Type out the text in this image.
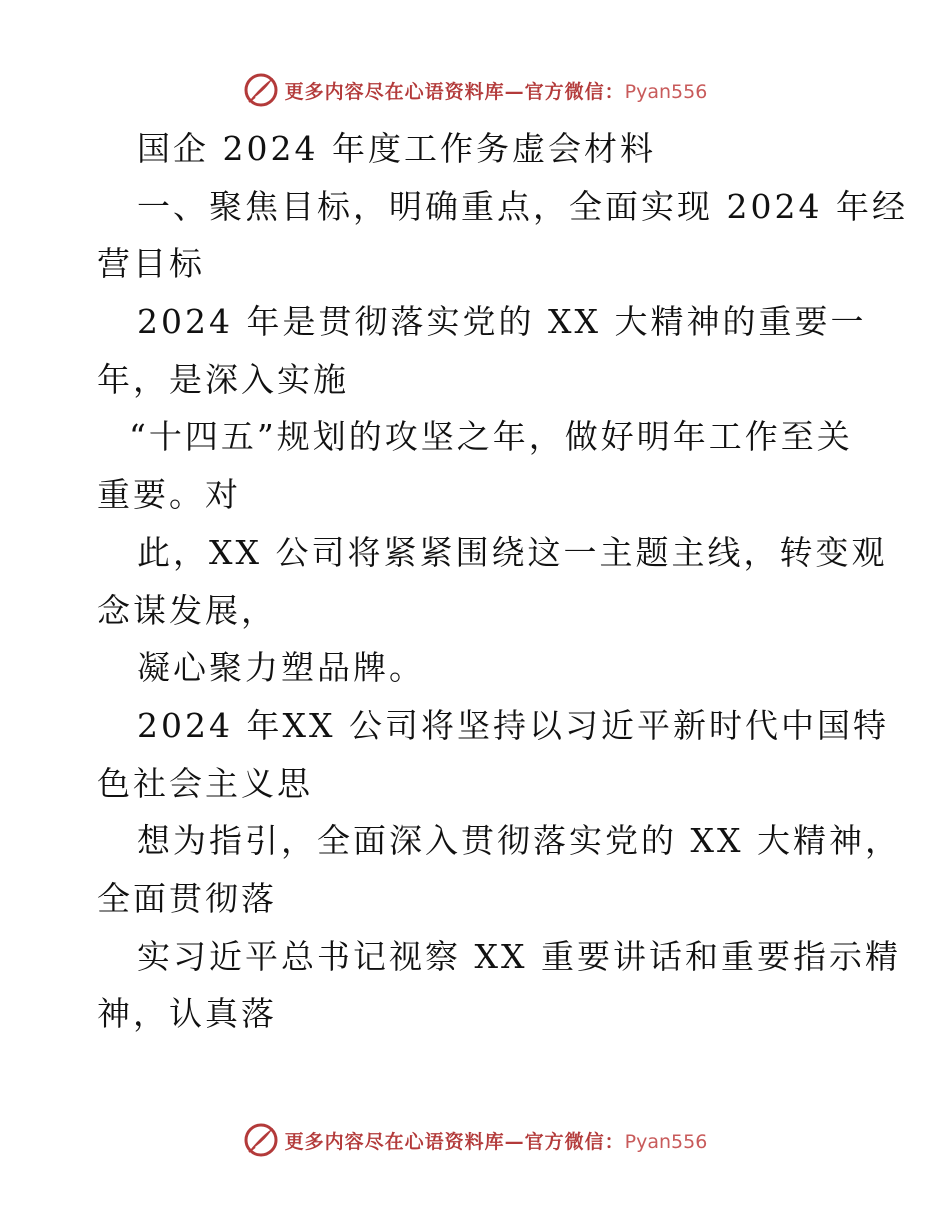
更多内容尽在心语资料库—官方微信：Pyan556
国企 2024 年度工作务虚会材料
一、聚焦目标，明确重点，全面实现 2024 年经
营目标
2024 年是贯彻落实党的 XX 大精神的重要一
年，是深入实施
“十四五”规划的攻坚之年，做好明年工作至关
重要。对
此，XX 公司将紧紧围绕这一主题主线，转变观
念谋发展，
凝心聚力塑品牌。
2024 年XX 公司将坚持以习近平新时代中国特
色社会主义思
想为指引，全面深入贯彻落实党的 XX 大精神，
全面贯彻落
实习近平总书记视察 XX 重要讲话和重要指示精
神，认真落
更多内容尽在心语资料库—官方微信：Pyan556
